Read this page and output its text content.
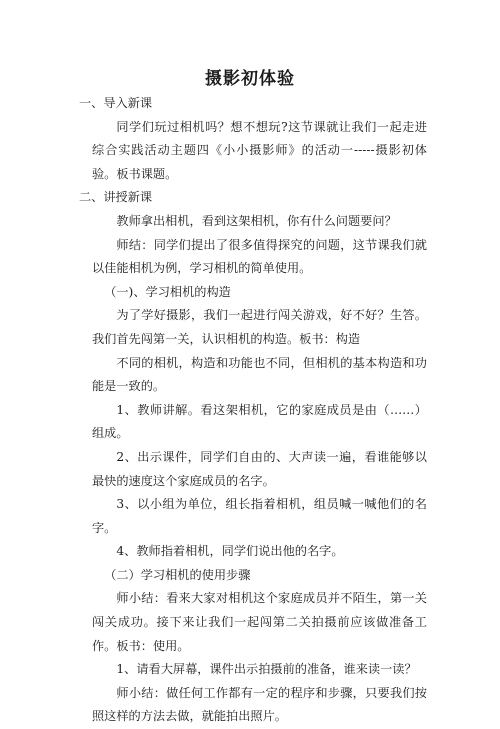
摄影初体验

一、导入新课

同学们玩过相机吗？想不想玩?这节课就让我们一起走进综合实践活动主题四《小小摄影师》的活动一-----摄影初体验。板书课题。

二、讲授新课

教师拿出相机，看到这架相机，你有什么问题要问？

师结：同学们提出了很多值得探究的问题，这节课我们就以佳能相机为例，学习相机的简单使用。

（一)、学习相机的构造

为了学好摄影，我们一起进行闯关游戏，好不好？生答。我们首先闯第一关，认识相机的构造。板书：构造

不同的相机，构造和功能也不同，但相机的基本构造和功能是一致的。

1、教师讲解。看这架相机，它的家庭成员是由（……）组成。

2、出示课件，同学们自由的、大声读一遍，看谁能够以最快的速度这个家庭成员的名字。

3、以小组为单位，组长指着相机，组员喊一喊他们的名字。

4、教师指着相机，同学们说出他的名字。

（二）学习相机的使用步骤

师小结：看来大家对相机这个家庭成员并不陌生，第一关闯关成功。接下来让我们一起闯第二关拍摄前应该做准备工作。板书：使用。

1、请看大屏幕，课件出示拍摄前的准备，谁来读一读？

师小结：做任何工作都有一定的程序和步骤，只要我们按照这样的方法去做，就能拍出照片。
